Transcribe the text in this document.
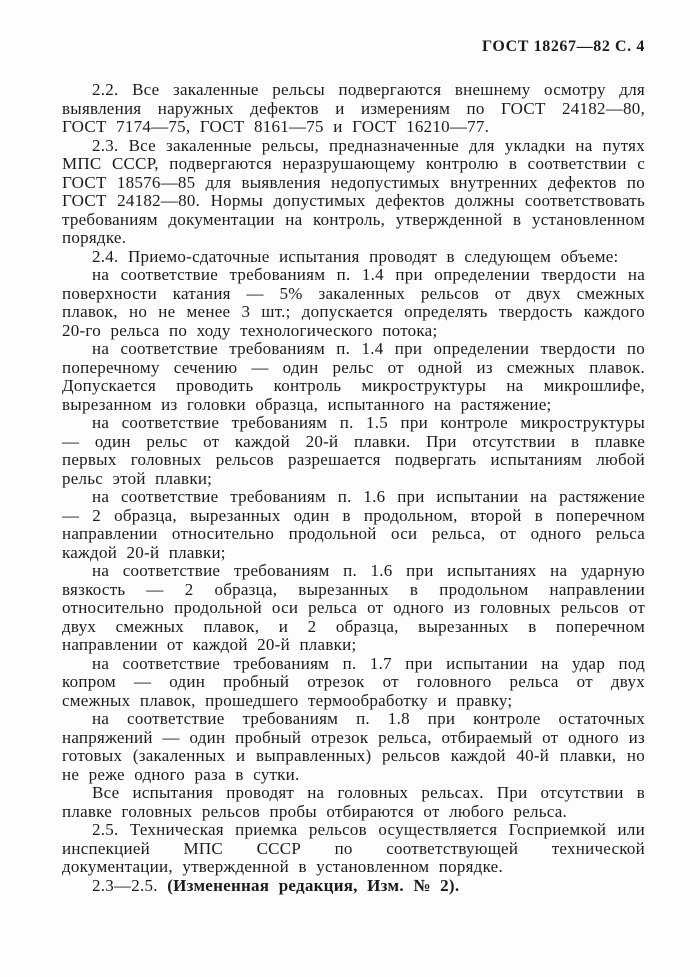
ГОСТ 18267—82 С. 4

2.2. Все закаленные рельсы подвергаются внешнему осмотру для выявления наружных дефектов и измерениям по ГОСТ 24182—80, ГОСТ 7174—75, ГОСТ 8161—75 и ГОСТ 16210—77.

2.3. Все закаленные рельсы, предназначенные для укладки на путях МПС СССР, подвергаются неразрушающему контролю в соответствии с ГОСТ 18576—85 для выявления недопустимых внутренних дефектов по ГОСТ 24182—80. Нормы допустимых дефектов должны соответствовать требованиям документации на контроль, утвержденной в установленном порядке.

2.4. Приемо-сдаточные испытания проводят в следующем объеме:

на соответствие требованиям п. 1.4 при определении твердости на поверхности катания — 5% закаленных рельсов от двух смежных плавок, но не менее 3 шт.; допускается определять твердость каждого 20-го рельса по ходу технологического потока;

на соответствие требованиям п. 1.4 при определении твердости по поперечному сечению — один рельс от одной из смежных плавок. Допускается проводить контроль микроструктуры на микрошлифе, вырезанном из головки образца, испытанного на растяжение;

на соответствие требованиям п. 1.5 при контроле микроструктуры — один рельс от каждой 20-й плавки. При отсутствии в плавке первых головных рельсов разрешается подвергать испытаниям любой рельс этой плавки;

на соответствие требованиям п. 1.6 при испытании на растяжение — 2 образца, вырезанных один в продольном, второй в поперечном направлении относительно продольной оси рельса, от одного рельса каждой 20-й плавки;

на соответствие требованиям п. 1.6 при испытаниях на ударную вязкость — 2 образца, вырезанных в продольном направлении относительно продольной оси рельса от одного из головных рельсов от двух смежных плавок, и 2 образца, вырезанных в поперечном направлении от каждой 20-й плавки;

на соответствие требованиям п. 1.7 при испытании на удар под копром — один пробный отрезок от головного рельса от двух смежных плавок, прошедшего термообработку и правку;

на соответствие требованиям п. 1.8 при контроле остаточных напряжений — один пробный отрезок рельса, отбираемый от одного из готовых (закаленных и выправленных) рельсов каждой 40-й плавки, но не реже одного раза в сутки.

Все испытания проводят на головных рельсах. При отсутствии в плавке головных рельсов пробы отбираются от любого рельса.

2.5. Техническая приемка рельсов осуществляется Госприемкой или инспекцией МПС СССР по соответствующей технической документации, утвержденной в установленном порядке.

2.3—2.5. (Измененная редакция, Изм. № 2).
